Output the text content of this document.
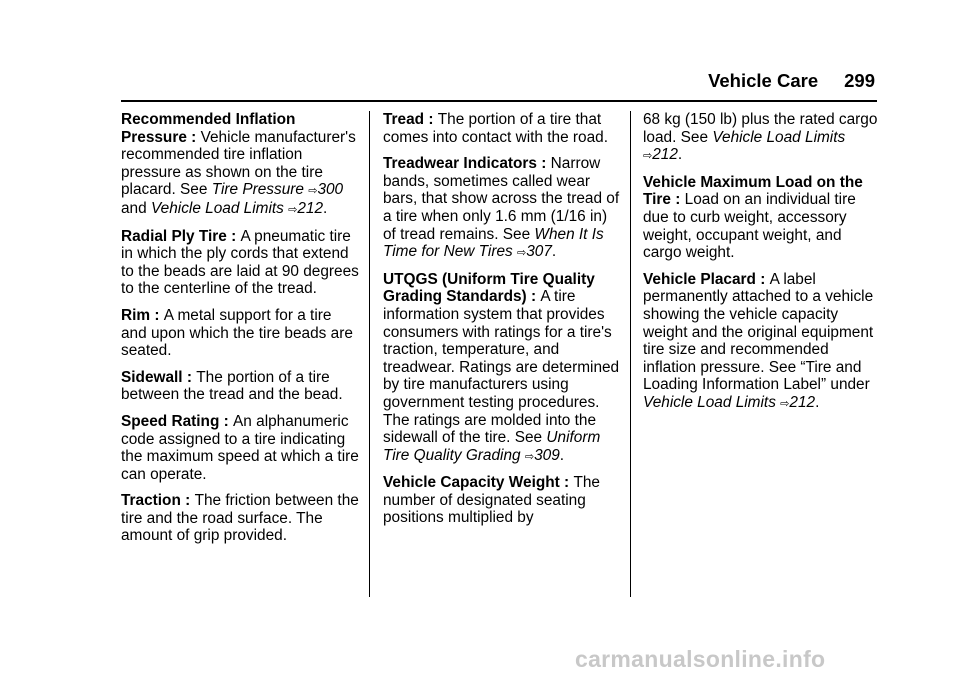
Vehicle Care 299

Recommended Inflation Pressure : Vehicle manufacturer's recommended tire inflation pressure as shown on the tire placard. See Tire Pressure ⇨300 and Vehicle Load Limits ⇨212.

Radial Ply Tire : A pneumatic tire in which the ply cords that extend to the beads are laid at 90 degrees to the centerline of the tread.

Rim : A metal support for a tire and upon which the tire beads are seated.

Sidewall : The portion of a tire between the tread and the bead.

Speed Rating : An alphanumeric code assigned to a tire indicating the maximum speed at which a tire can operate.

Traction : The friction between the tire and the road surface. The amount of grip provided.

Tread : The portion of a tire that comes into contact with the road.

Treadwear Indicators : Narrow bands, sometimes called wear bars, that show across the tread of a tire when only 1.6 mm (1/16 in) of tread remains. See When It Is Time for New Tires ⇨307.

UTQGS (Uniform Tire Quality Grading Standards) : A tire information system that provides consumers with ratings for a tire's traction, temperature, and treadwear. Ratings are determined by tire manufacturers using government testing procedures. The ratings are molded into the sidewall of the tire. See Uniform Tire Quality Grading ⇨309.

Vehicle Capacity Weight : The number of designated seating positions multiplied by

68 kg (150 lb) plus the rated cargo load. See Vehicle Load Limits ⇨212.

Vehicle Maximum Load on the Tire : Load on an individual tire due to curb weight, accessory weight, occupant weight, and cargo weight.

Vehicle Placard : A label permanently attached to a vehicle showing the vehicle capacity weight and the original equipment tire size and recommended inflation pressure. See “Tire and Loading Information Label” under Vehicle Load Limits ⇨212.

carmanualsonline.info
